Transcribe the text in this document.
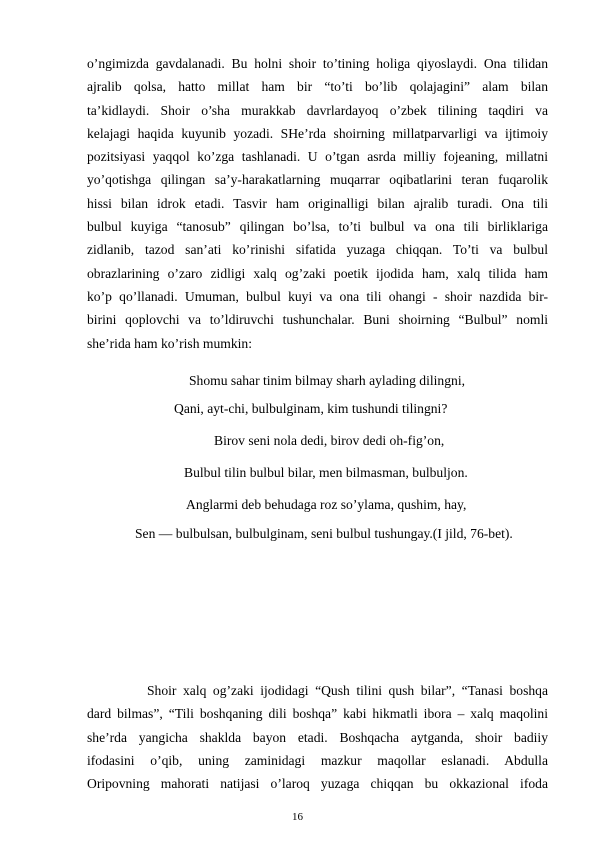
o’ngimizda gavdalanadi. Bu holni shoir to’tining holiga qiyoslaydi. Ona tilidan
ajralib qolsa, hatto millat ham bir “to’ti bo’lib qolajagini” alam bilan
ta’kidlaydi. Shoir o’sha murakkab davrlardayoq o’zbek tilining taqdiri va
kelajagi haqida kuyunib yozadi. SHe’rda shoirning millatparvarligi va ijtimoiy
pozitsiyasi yaqqol ko’zga tashlanadi. U o’tgan asrda milliy fojeaning, millatni
yo’qotishga qilingan sa’y-harakatlarning muqarrar oqibatlarini teran fuqarolik
hissi bilan idrok etadi. Tasvir ham originalligi bilan ajralib turadi. Ona tili
bulbul kuyiga “tanosub” qilingan bo’lsa, to’ti bulbul va ona tili birliklariga
zidlanib, tazod san’ati ko’rinishi sifatida yuzaga chiqqan. To’ti va bulbul
obrazlarining o’zaro zidligi xalq og’zaki poetik ijodida ham, xalq tilida ham
ko’p qo’llanadi. Umuman, bulbul kuyi va ona tili ohangi - shoir nazdida bir-
birini qoplovchi va to’ldiruvchi tushunchalar. Buni shoirning “Bulbul” nomli
she’rida ham ko’rish mumkin:

Shomu sahar tinim bilmay sharh aylading dilingni,

Qani, ayt-chi, bulbulginam, kim tushundi tilingni?

Birov seni nola dedi, birov dedi oh-fig’on,

Bulbul tilin bulbul bilar, men bilmasman, bulbuljon.

Anglarmi deb behudaga roz so’ylama, qushim, hay,

Sen — bulbulsan, bulbulginam, seni bulbul tushungay.(I jild, 76-bet).

Shoir xalq og’zaki ijodidagi “Qush tilini qush bilar”, “Tanasi boshqa
dard bilmas”, “Tili boshqaning dili boshqa” kabi hikmatli ibora – xalq maqolini
she’rda yangicha shaklda bayon etadi. Boshqacha aytganda, shoir badiiy
ifodasini o’qib, uning zaminidagi mazkur maqollar eslanadi. Abdulla
Oripovning mahorati natijasi o’laroq yuzaga chiqqan bu okkazional ifoda
16
